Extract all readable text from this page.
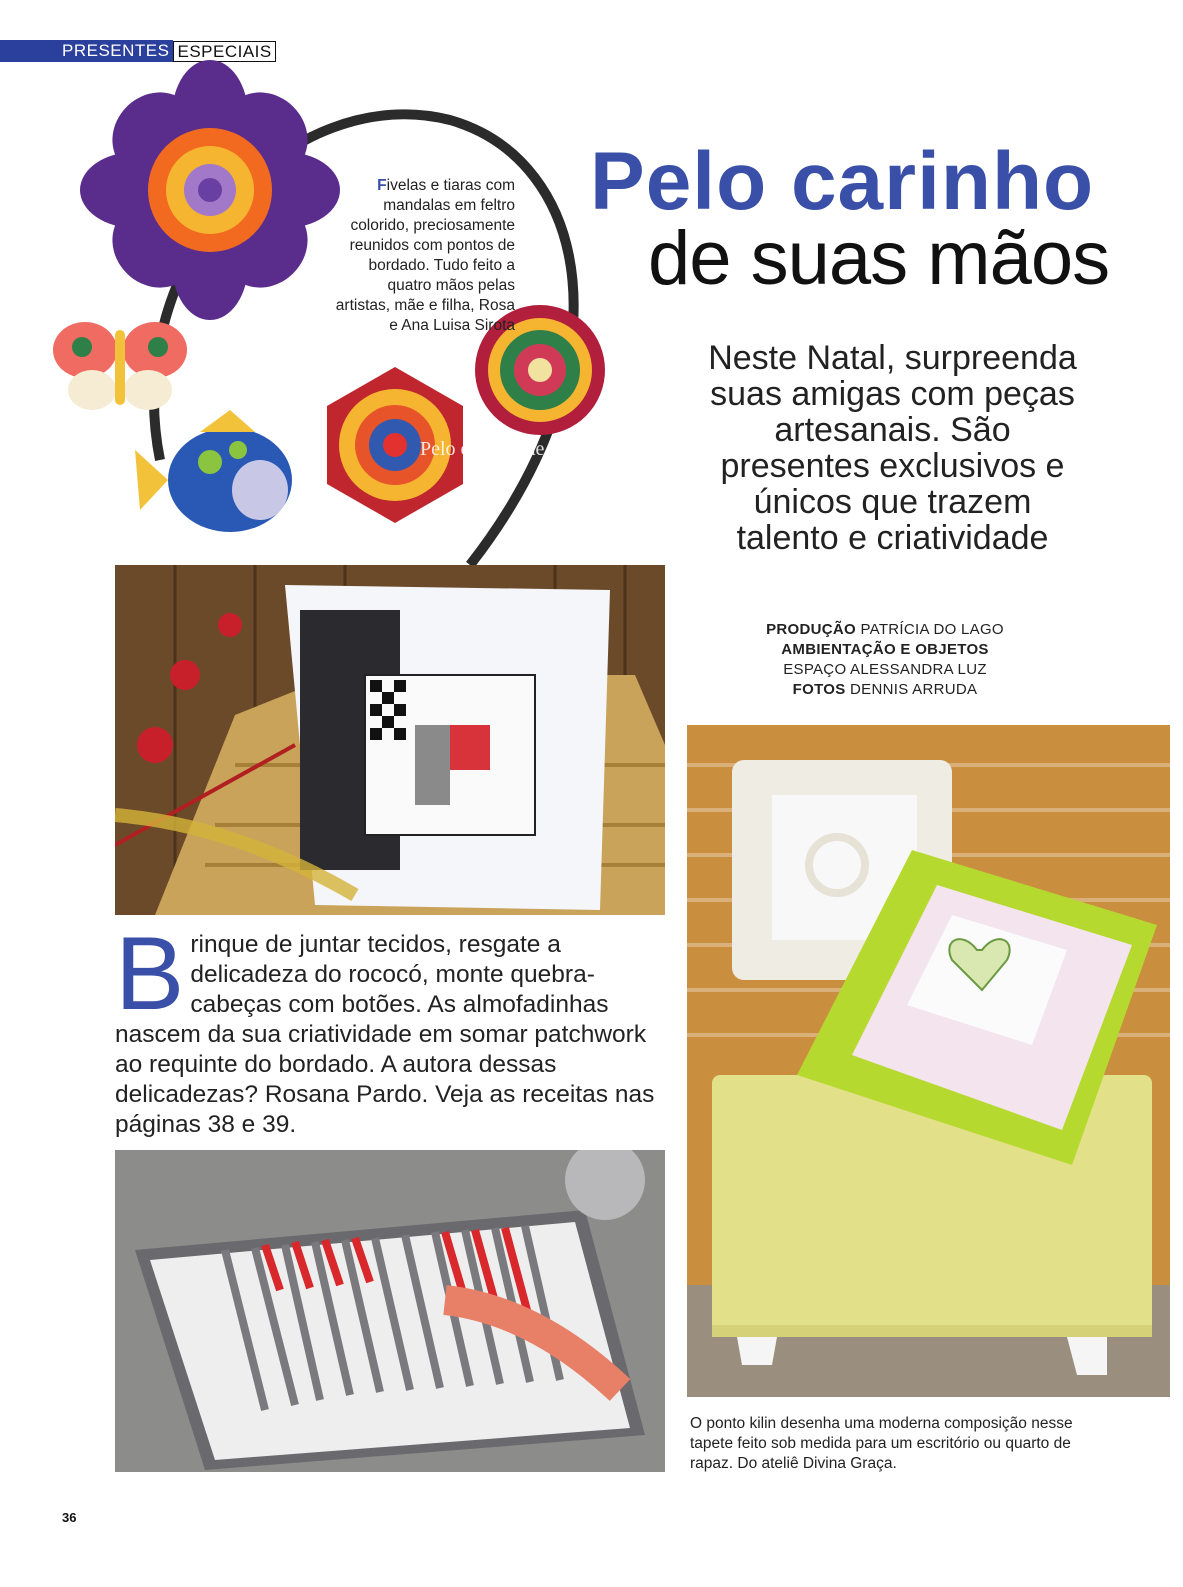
PRESENTES ESPECIAIS
Pelo carinho de suas
Fivelas e tiaras com mandalas em feltro colorido, preciosamente reunidos com pontos de bordado. Tudo feito a quatro mãos pelas artistas, mãe e filha, Rosa e Ana Luisa Sirota
Pelo carinho
de suas mãos
Neste Natal, surpreenda suas amigas com peças artesanais. São presentes exclusivos e únicos que trazem talento e criatividade
PRODUÇÃO PATRÍCIA DO LAGO
AMBIENTAÇÃO E OBJETOS
ESPAÇO ALESSANDRA LUZ
FOTOS DENNIS ARRUDA
Brinque de juntar tecidos, resgate a delicadeza do rococó, monte quebra-cabeças com botões. As almofadinhas nascem da sua criatividade em somar patchwork ao requinte do bordado. A autora dessas delicadezas? Rosana Pardo. Veja as receitas nas páginas 38 e 39.
O ponto kilin desenha uma moderna composição nesse tapete feito sob medida para um escritório ou quarto de rapaz. Do ateliê Divina Graça.
36
